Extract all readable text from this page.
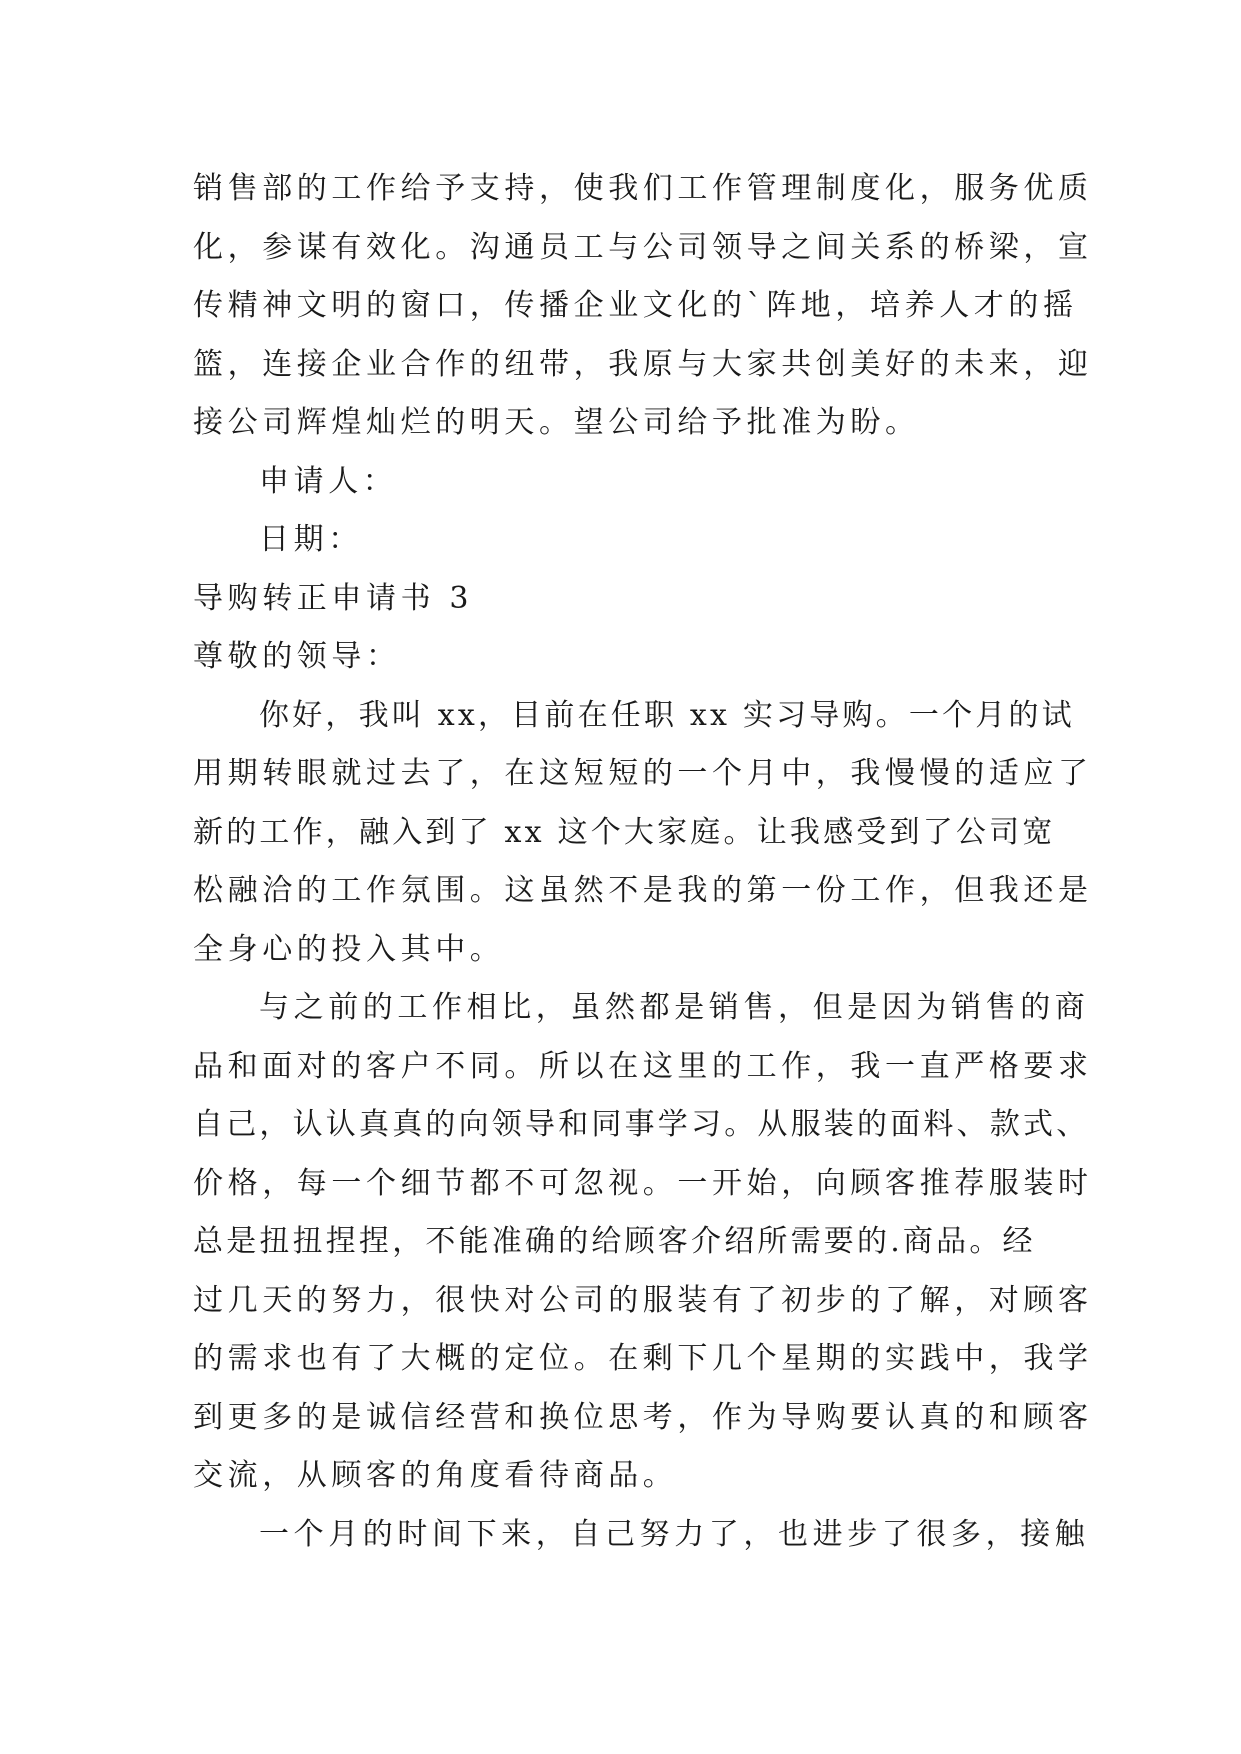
销售部的工作给予支持，使我们工作管理制度化，服务优质
化，参谋有效化。沟通员工与公司领导之间关系的桥梁，宣
传精神文明的窗口，传播企业文化的`阵地，培养人才的摇
篮，连接企业合作的纽带，我原与大家共创美好的未来，迎
接公司辉煌灿烂的明天。望公司给予批准为盼。
申请人：
日期：
导购转正申请书 3
尊敬的领导：
你好，我叫 xx，目前在任职 xx 实习导购。一个月的试
用期转眼就过去了，在这短短的一个月中，我慢慢的适应了
新的工作，融入到了 xx 这个大家庭。让我感受到了公司宽
松融洽的工作氛围。这虽然不是我的第一份工作，但我还是
全身心的投入其中。
与之前的工作相比，虽然都是销售，但是因为销售的商
品和面对的客户不同。所以在这里的工作，我一直严格要求
自己，认认真真的向领导和同事学习。从服装的面料、款式、
价格，每一个细节都不可忽视。一开始，向顾客推荐服装时
总是扭扭捏捏，不能准确的给顾客介绍所需要的.商品。经
过几天的努力，很快对公司的服装有了初步的了解，对顾客
的需求也有了大概的定位。在剩下几个星期的实践中，我学
到更多的是诚信经营和换位思考，作为导购要认真的和顾客
交流，从顾客的角度看待商品。
一个月的时间下来，自己努力了，也进步了很多，接触
